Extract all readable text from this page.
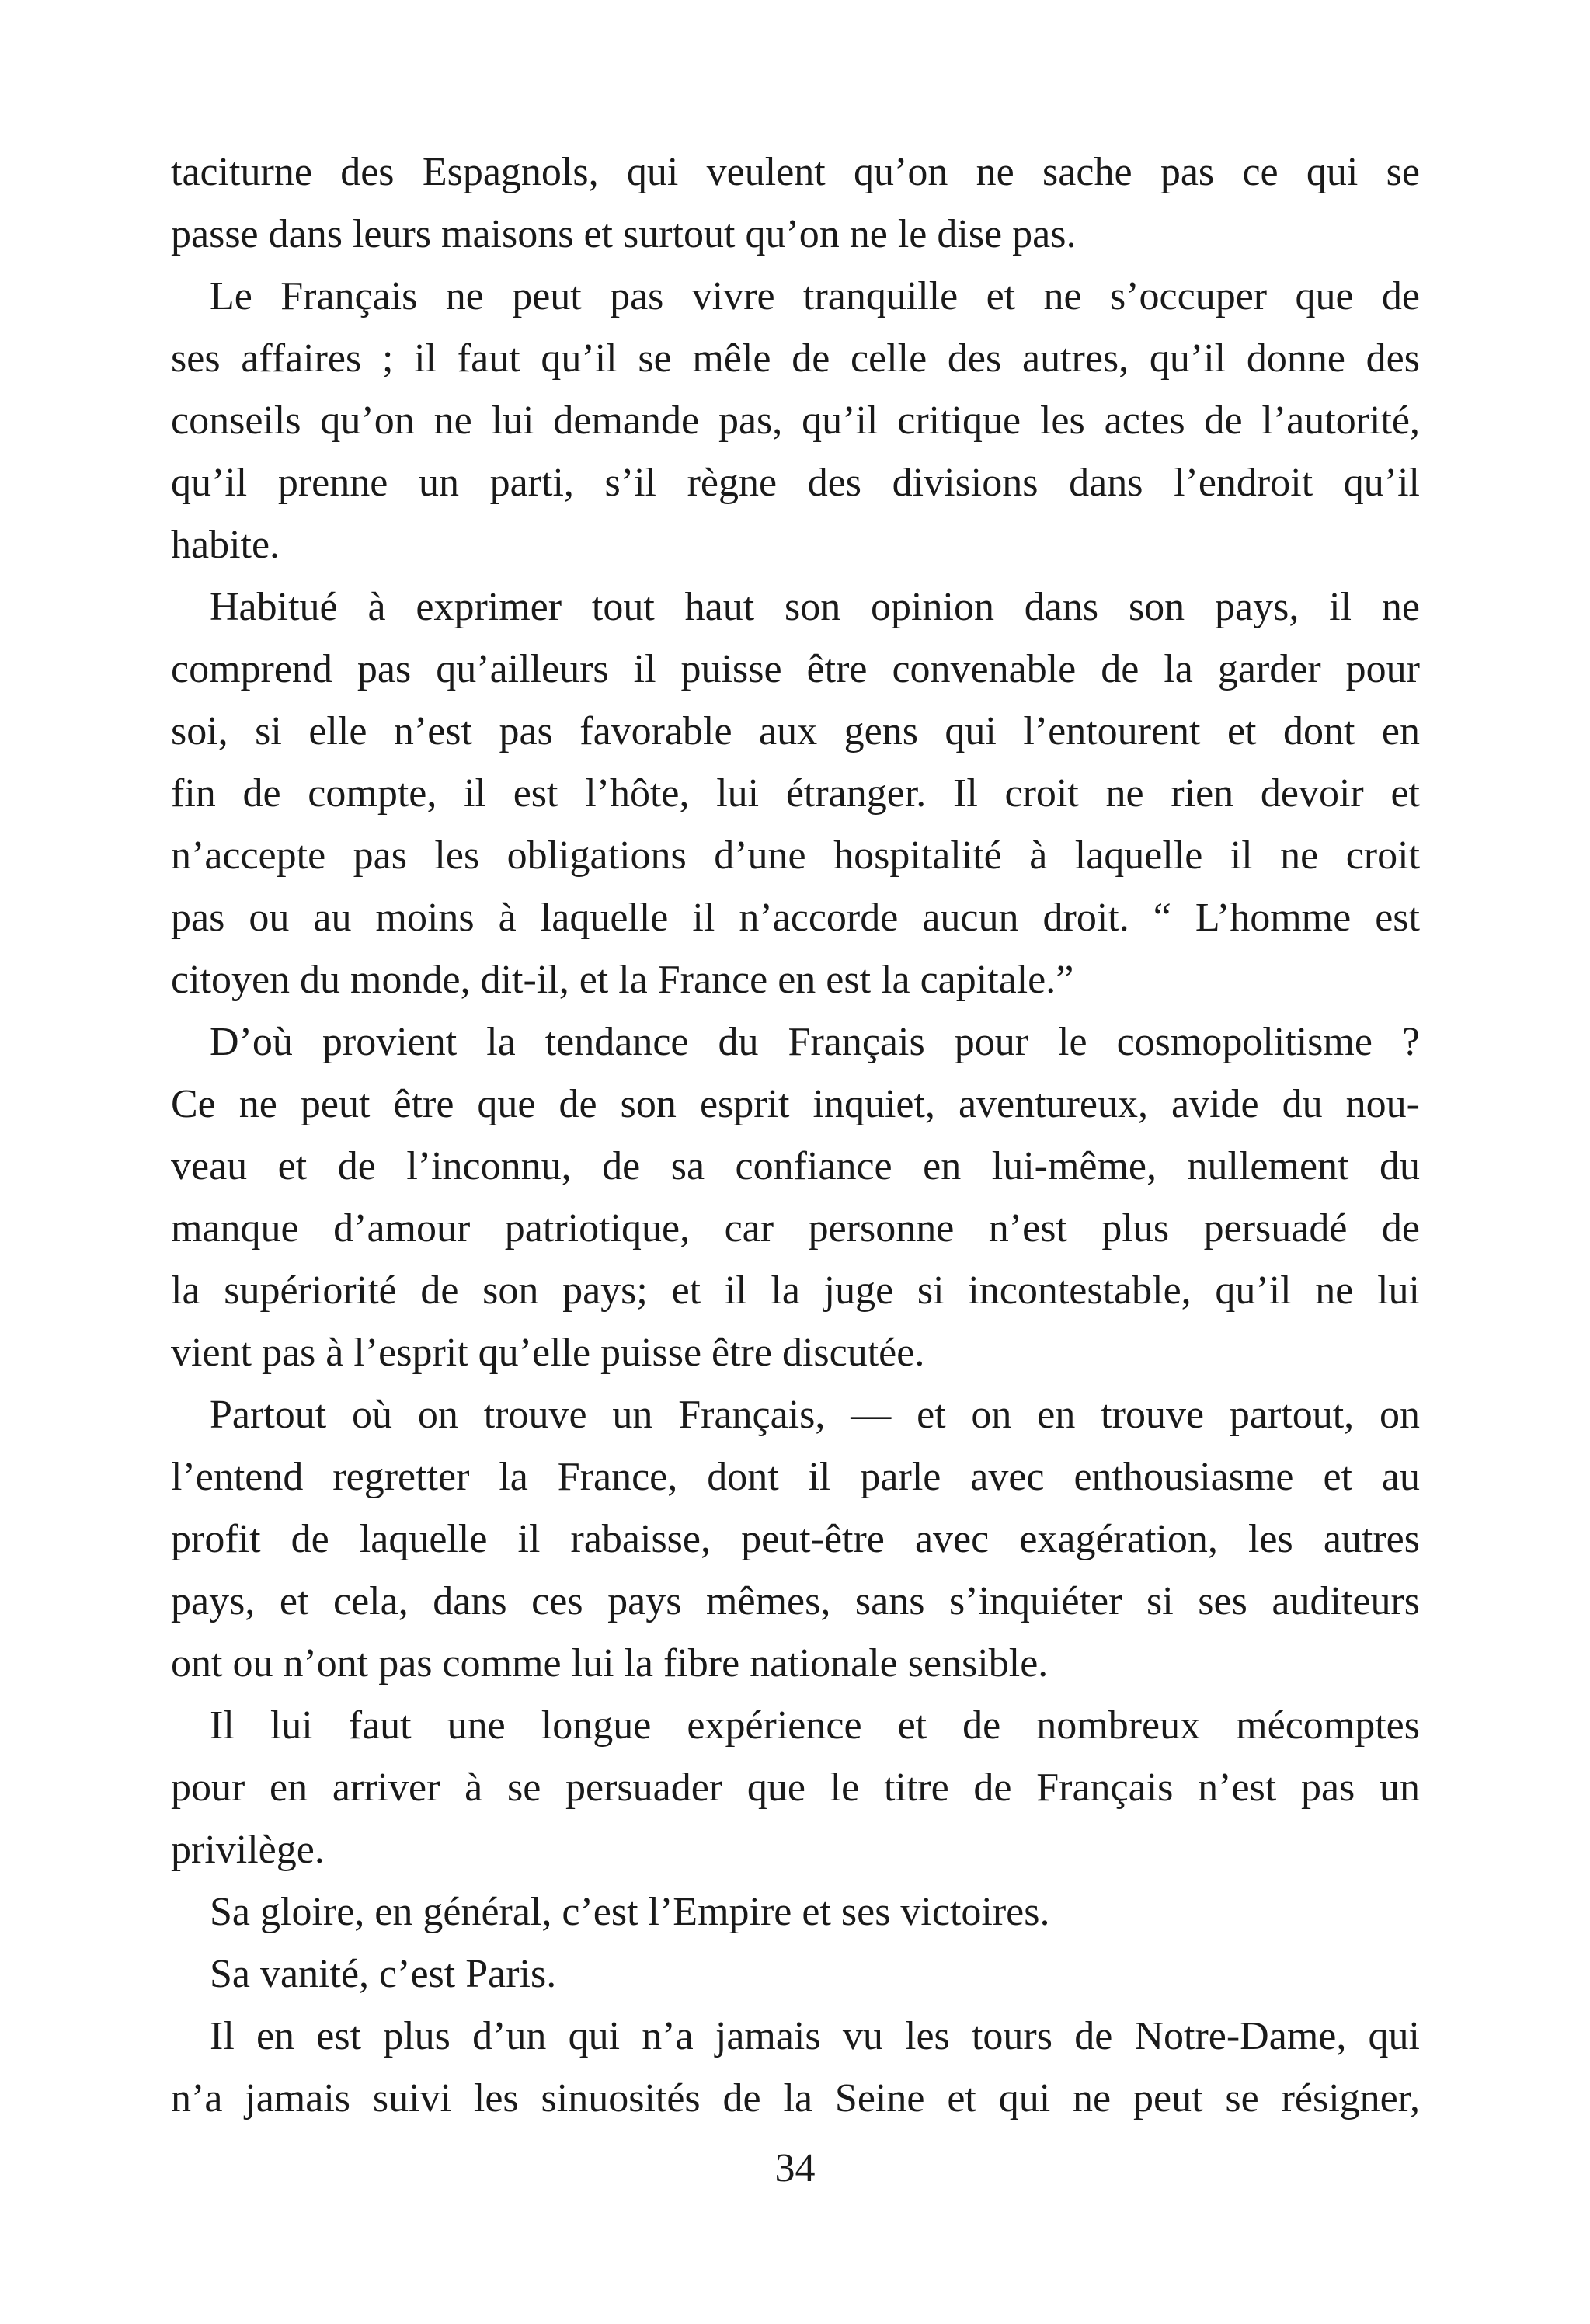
taciturne des Espagnols, qui veulent qu’on ne sache pas ce qui se
passe dans leurs maisons et surtout qu’on ne le dise pas.
Le Français ne peut pas vivre tranquille et ne s’occuper que de
ses affaires ; il faut qu’il se mêle de celle des autres, qu’il donne des
conseils qu’on ne lui demande pas, qu’il critique les actes de l’autorité,
qu’il prenne un parti, s’il règne des divisions dans l’endroit qu’il
habite.
Habitué à exprimer tout haut son opinion dans son pays, il ne
comprend pas qu’ailleurs il puisse être convenable de la garder pour
soi, si elle n’est pas favorable aux gens qui l’entourent et dont en
fin de compte, il est l’hôte, lui étranger. Il croit ne rien devoir et
n’accepte pas les obligations d’une hospitalité à laquelle il ne croit
pas ou au moins à laquelle il n’accorde aucun droit. “ L’homme est
citoyen du monde, dit-il, et la France en est la capitale.”
D’où provient la tendance du Français pour le cosmopolitisme ?
Ce ne peut être que de son esprit inquiet, aventureux, avide du nou-
veau et de l’inconnu, de sa confiance en lui-même, nullement du
manque d’amour patriotique, car personne n’est plus persuadé de
la supériorité de son pays; et il la juge si incontestable, qu’il ne lui
vient pas à l’esprit qu’elle puisse être discutée.
Partout où on trouve un Français, — et on en trouve partout, on
l’entend regretter la France, dont il parle avec enthousiasme et au
profit de laquelle il rabaisse, peut-être avec exagération, les autres
pays, et cela, dans ces pays mêmes, sans s’inquiéter si ses auditeurs
ont ou n’ont pas comme lui la fibre nationale sensible.
Il lui faut une longue expérience et de nombreux mécomptes
pour en arriver à se persuader que le titre de Français n’est pas un
privilège.
Sa gloire, en général, c’est l’Empire et ses victoires.
Sa vanité, c’est Paris.
Il en est plus d’un qui n’a jamais vu les tours de Notre-Dame, qui
n’a jamais suivi les sinuosités de la Seine et qui ne peut se résigner,
34
